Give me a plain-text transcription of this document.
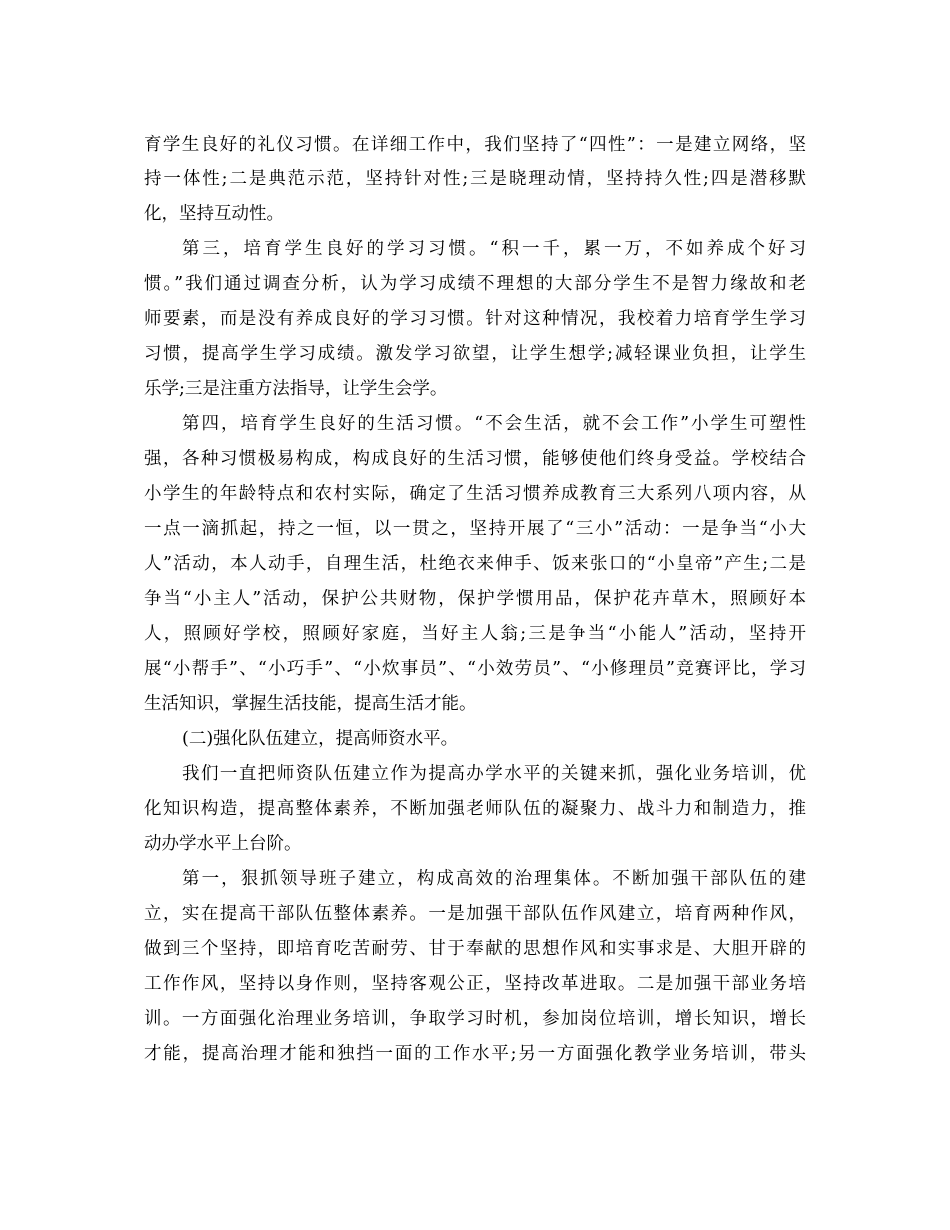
育学生良好的礼仪习惯。在详细工作中，我们坚持了“四性”：一是建立网络，坚
持一体性;二是典范示范，坚持针对性;三是晓理动情，坚持持久性;四是潜移默
化，坚持互动性。
第三，培育学生良好的学习习惯。“积一千，累一万，不如养成个好习
惯。”我们通过调查分析，认为学习成绩不理想的大部分学生不是智力缘故和老
师要素，而是没有养成良好的学习习惯。针对这种情况，我校着力培育学生学习
习惯，提高学生学习成绩。激发学习欲望，让学生想学;减轻课业负担，让学生
乐学;三是注重方法指导，让学生会学。
第四，培育学生良好的生活习惯。“不会生活，就不会工作”小学生可塑性
强，各种习惯极易构成，构成良好的生活习惯，能够使他们终身受益。学校结合
小学生的年龄特点和农村实际，确定了生活习惯养成教育三大系列八项内容，从
一点一滴抓起，持之一恒，以一贯之，坚持开展了“三小”活动：一是争当“小大
人”活动，本人动手，自理生活，杜绝衣来伸手、饭来张口的“小皇帝”产生;二是
争当“小主人”活动，保护公共财物，保护学惯用品，保护花卉草木，照顾好本
人，照顾好学校，照顾好家庭，当好主人翁;三是争当“小能人”活动，坚持开
展“小帮手”、“小巧手”、“小炊事员”、“小效劳员”、“小修理员”竞赛评比，学习
生活知识，掌握生活技能，提高生活才能。
(二)强化队伍建立，提高师资水平。
我们一直把师资队伍建立作为提高办学水平的关键来抓，强化业务培训，优
化知识构造，提高整体素养，不断加强老师队伍的凝聚力、战斗力和制造力，推
动办学水平上台阶。
第一，狠抓领导班子建立，构成高效的治理集体。不断加强干部队伍的建
立，实在提高干部队伍整体素养。一是加强干部队伍作风建立，培育两种作风，
做到三个坚持，即培育吃苦耐劳、甘于奉献的思想作风和实事求是、大胆开辟的
工作作风，坚持以身作则，坚持客观公正，坚持改革进取。二是加强干部业务培
训。一方面强化治理业务培训，争取学习时机，参加岗位培训，增长知识，增长
才能，提高治理才能和独挡一面的工作水平;另一方面强化教学业务培训，带头
